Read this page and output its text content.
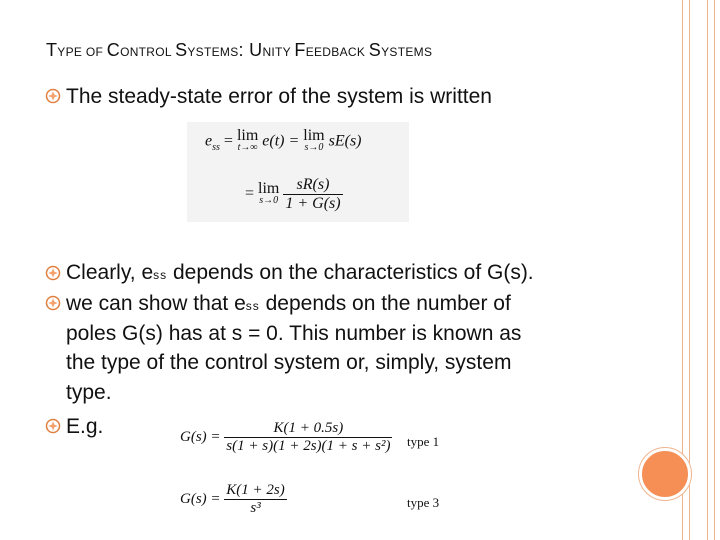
TYPE OF CONTROL SYSTEMS: UNITY FEEDBACK SYSTEMS
The steady-state error of the system is written
$e_{ss} = \lim$
t→∞ e(t) = lim
s→0 sE(s)
= lim
s→0
$\frac{sR(s)}{1 + G(s)}$
Clearly, ess depends on the characteristics of G(s).
we can show that ess depends on the number of
poles G(s) has at s = 0. This number is known as
the type of the control system or, simply, system
type.
E.g.	$G(s) = \frac{K(1 + 0.5s)}{\text{s(1 + s)(1 + 2s)(1 + s + s²)}}$ type 1
$G(s) = \frac{K(1 + 2s)}{\text{s³}}$	type 3
